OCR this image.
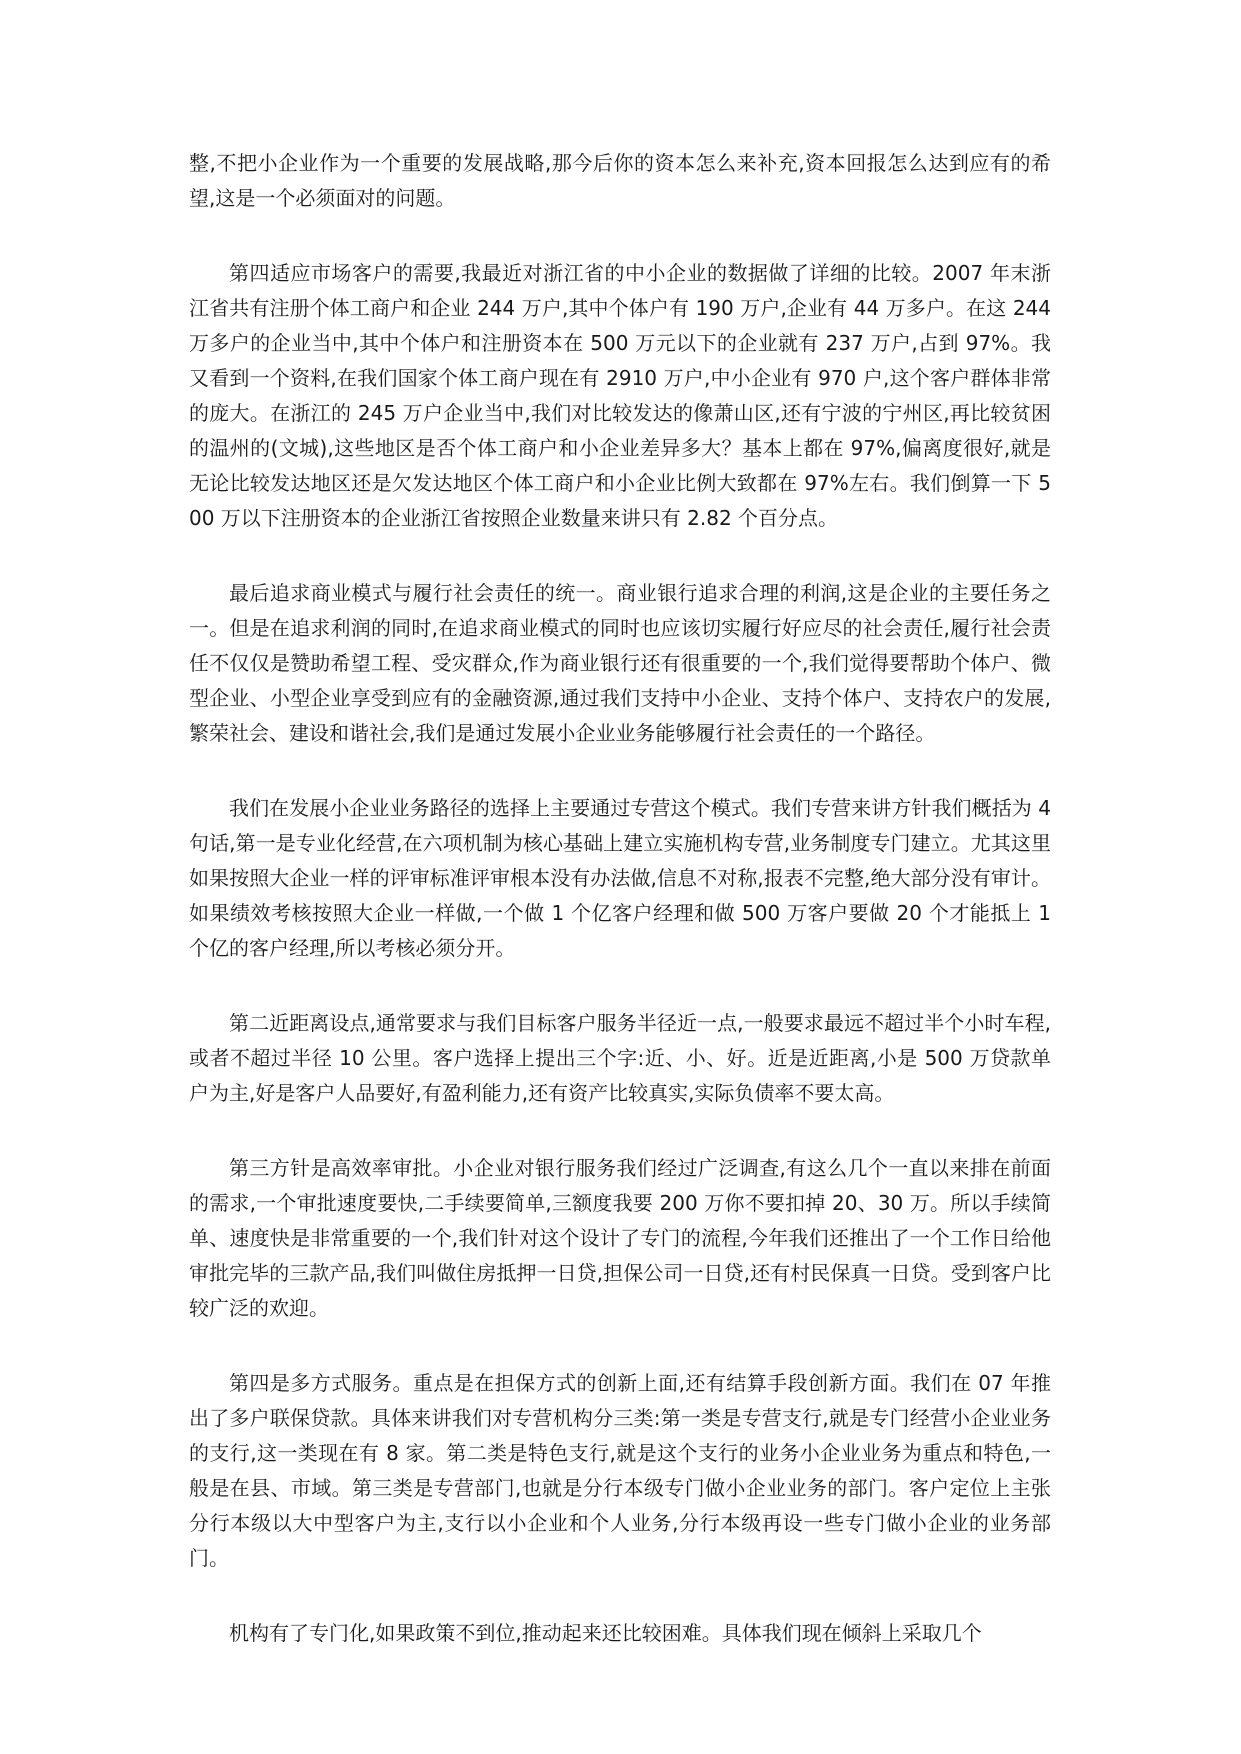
整,不把小企业作为一个重要的发展战略,那今后你的资本怎么来补充,资本回报怎么达到应有的希望,这是一个必须面对的问题。

第四适应市场客户的需要,我最近对浙江省的中小企业的数据做了详细的比较。2007 年末浙江省共有注册个体工商户和企业 244 万户,其中个体户有 190 万户,企业有 44 万多户。在这 244 万多户的企业当中,其中个体户和注册资本在 500 万元以下的企业就有 237 万户,占到 97%。我又看到一个资料,在我们国家个体工商户现在有 2910 万户,中小企业有 970 户,这个客户群体非常的庞大。在浙江的 245 万户企业当中,我们对比较发达的像萧山区,还有宁波的宁州区,再比较贫困的温州的(文城),这些地区是否个体工商户和小企业差异多大？基本上都在 97%,偏离度很好,就是无论比较发达地区还是欠发达地区个体工商户和小企业比例大致都在 97%左右。我们倒算一下 500 万以下注册资本的企业浙江省按照企业数量来讲只有 2.82 个百分点。

最后追求商业模式与履行社会责任的统一。商业银行追求合理的利润,这是企业的主要任务之一。但是在追求利润的同时,在追求商业模式的同时也应该切实履行好应尽的社会责任,履行社会责任不仅仅是赞助希望工程、受灾群众,作为商业银行还有很重要的一个,我们觉得要帮助个体户、微型企业、小型企业享受到应有的金融资源,通过我们支持中小企业、支持个体户、支持农户的发展,繁荣社会、建设和谐社会,我们是通过发展小企业业务能够履行社会责任的一个路径。

我们在发展小企业业务路径的选择上主要通过专营这个模式。我们专营来讲方针我们概括为 4 句话,第一是专业化经营,在六项机制为核心基础上建立实施机构专营,业务制度专门建立。尤其这里如果按照大企业一样的评审标准评审根本没有办法做,信息不对称,报表不完整,绝大部分没有审计。如果绩效考核按照大企业一样做,一个做 1 个亿客户经理和做 500 万客户要做 20 个才能抵上 1 个亿的客户经理,所以考核必须分开。

第二近距离设点,通常要求与我们目标客户服务半径近一点,一般要求最远不超过半个小时车程,或者不超过半径 10 公里。客户选择上提出三个字:近、小、好。近是近距离,小是 500 万贷款单户为主,好是客户人品要好,有盈利能力,还有资产比较真实,实际负债率不要太高。

第三方针是高效率审批。小企业对银行服务我们经过广泛调查,有这么几个一直以来排在前面的需求,一个审批速度要快,二手续要简单,三额度我要 200 万你不要扣掉 20、30 万。所以手续简单、速度快是非常重要的一个,我们针对这个设计了专门的流程,今年我们还推出了一个工作日给他审批完毕的三款产品,我们叫做住房抵押一日贷,担保公司一日贷,还有村民保真一日贷。受到客户比较广泛的欢迎。

第四是多方式服务。重点是在担保方式的创新上面,还有结算手段创新方面。我们在 07 年推出了多户联保贷款。具体来讲我们对专营机构分三类:第一类是专营支行,就是专门经营小企业业务的支行,这一类现在有 8 家。第二类是特色支行,就是这个支行的业务小企业业务为重点和特色,一般是在县、市域。第三类是专营部门,也就是分行本级专门做小企业业务的部门。客户定位上主张分行本级以大中型客户为主,支行以小企业和个人业务,分行本级再设一些专门做小企业的业务部门。

机构有了专门化,如果政策不到位,推动起来还比较困难。具体我们现在倾斜上采取几个
